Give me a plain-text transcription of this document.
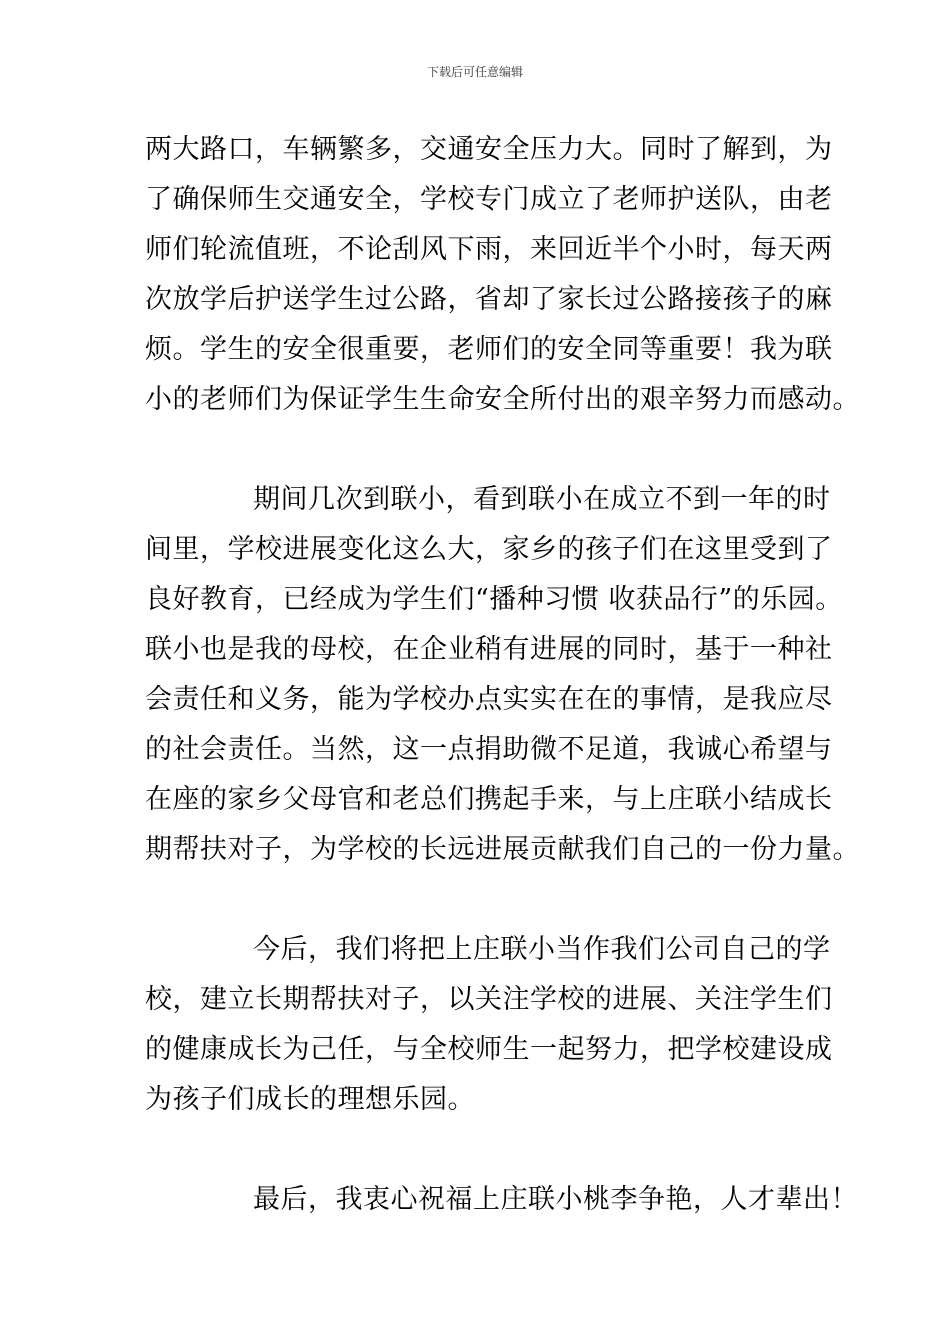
下载后可任意编辑
两大路口，车辆繁多，交通安全压力大。同时了解到，为
了确保师生交通安全，学校专门成立了老师护送队，由老
师们轮流值班，不论刮风下雨，来回近半个小时，每天两
次放学后护送学生过公路，省却了家长过公路接孩子的麻
烦。学生的安全很重要，老师们的安全同等重要！我为联
小的老师们为保证学生生命安全所付出的艰辛努力而感动。
期间几次到联小，看到联小在成立不到一年的时
间里，学校进展变化这么大，家乡的孩子们在这里受到了
良好教育，已经成为学生们“播种习惯 收获品行”的乐园。
联小也是我的母校，在企业稍有进展的同时，基于一种社
会责任和义务，能为学校办点实实在在的事情，是我应尽
的社会责任。当然，这一点捐助微不足道，我诚心希望与
在座的家乡父母官和老总们携起手来，与上庄联小结成长
期帮扶对子，为学校的长远进展贡献我们自己的一份力量。
今后，我们将把上庄联小当作我们公司自己的学
校，建立长期帮扶对子，以关注学校的进展、关注学生们
的健康成长为己任，与全校师生一起努力，把学校建设成
为孩子们成长的理想乐园。
最后，我衷心祝福上庄联小桃李争艳，人才辈出！
